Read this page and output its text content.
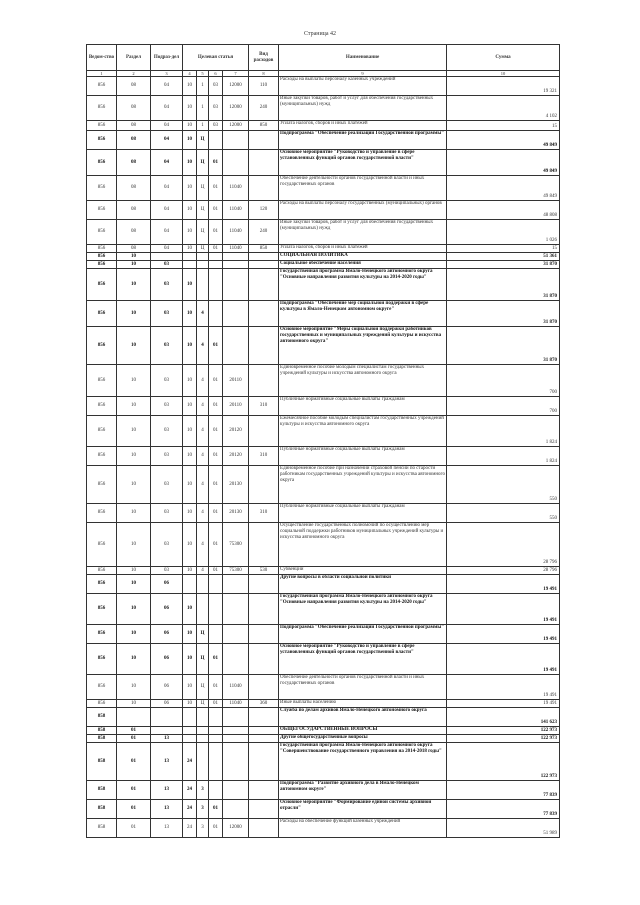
Страница 42
Ведом-ство	Раздел	Подраз-дел	Целевая статья				Вид расходов	Наименование	Сумма
1	2	3	4	5	6	7	8	9	10
856	08	04	10	1	03	12000	110	Расходы на выплаты персоналу казенных учреждений	19 321
856	08	04	10	1	03	12000	240	Иные закупки товаров, работ и услуг для обеспечения государственных (муниципальных) нужд	4 102
856	08	04	10	1	03	12000	850	Уплата налогов, сборов и иных платежей	15
856	08	04	10	Ц				Подпрограмма "Обеспечение реализации Государственной программы"	49 849
856	08	04	10	Ц	01			Основное мероприятие "Руководство и управление в сфере установленных функций органов государственной власти"	49 849
856	08	04	10	Ц	01	11040		Обеспечение деятельности органов государственной власти и иных государственных органов	49 849
856	08	04	10	Ц	01	11040	120	Расходы на выплаты персоналу государственных (муниципальных) органов	48 808
856	08	04	10	Ц	01	11040	240	Иные закупки товаров, работ и услуг для обеспечения государственных (муниципальных) нужд	1 026
856	08	04	10	Ц	01	11040	850	Уплата налогов, сборов и иных платежей	15
856	10							СОЦИАЛЬНАЯ ПОЛИТИКА	51 361
856	10	03						Социальное обеспечение населения	31 870
856	10	03	10					Государственная программа Ямало-Ненецкого автономного округа "Основные направления развития культуры на 2014-2020 годы"	31 870
856	10	03	10	4				Подпрограмма "Обеспечение мер социальной поддержки в сфере культуры в Ямало-Ненецком автономном округе"	31 870
856	10	03	10	4	01			Основное мероприятие "Меры социальной поддержки работников государственных и муниципальных учреждений культуры и искусства автономного округа"	31 870
856	10	03	10	4	01	20110		Единовременное пособие молодым специалистам государственных учреждений культуры и искусства автономного округа	700
856	10	03	10	4	01	20110	310	Публичные нормативные социальные выплаты гражданам	700
856	10	03	10	4	01	20120		Ежемесячное пособие молодым специалистам государственных учреждений культуры и искусства автономного округа	1 824
856	10	03	10	4	01	20120	310	Публичные нормативные социальные выплаты гражданам	1 824
856	10	03	10	4	01	20130		Единовременное пособие при назначении страховой пенсии по старости работникам государственных учреждений культуры и искусства автономного округа	550
856	10	03	10	4	01	20130	310	Публичные нормативные социальные выплаты гражданам	550
856	10	03	10	4	01	75300		Осуществление государственных полномочий по осуществлению мер социальной поддержки работников муниципальных учреждений культуры и искусства автономного округа	28 796
856	10	03	10	4	01	75300	530	Субвенции	28 796
856	10	06						Другие вопросы в области социальной политики	19 491
856	10	06	10					Государственная программа Ямало-Ненецкого автономного округа "Основные направления развития культуры на 2014-2020 годы"	19 491
856	10	06	10	Ц				Подпрограмма "Обеспечение реализации Государственной программы"	19 491
856	10	06	10	Ц	01			Основное мероприятие "Руководство и управление в сфере установленных функций органов государственной власти"	19 491
856	10	06	10	Ц	01	11040		Обеспечение деятельности органов государственной власти и иных государственных органов	19 491
856	10	06	10	Ц	01	11040	360	Иные выплаты населению	19 491
858								Служба по делам архивов Ямало-Ненецкого автономного округа	141 623
858	01							ОБЩЕГОСУДАРСТВЕННЫЕ ВОПРОСЫ	122 973
858	01	13						Другие общегосударственные вопросы	122 973
858	01	13	24					Государственная программа Ямало-Ненецкого автономного округа "Совершенствование государственного управления на 2014-2018 годы"	122 973
858	01	13	24	3				Подпрограмма "Развитие архивного дела в Ямало-Ненецком автономном округе"	77 839
858	01	13	24	3	01			Основное мероприятие "Формирование единой системы архивной отрасли"	77 839
858	01	13	24	3	01	12000		Расходы на обеспечение функций казенных учреждений	51 989
